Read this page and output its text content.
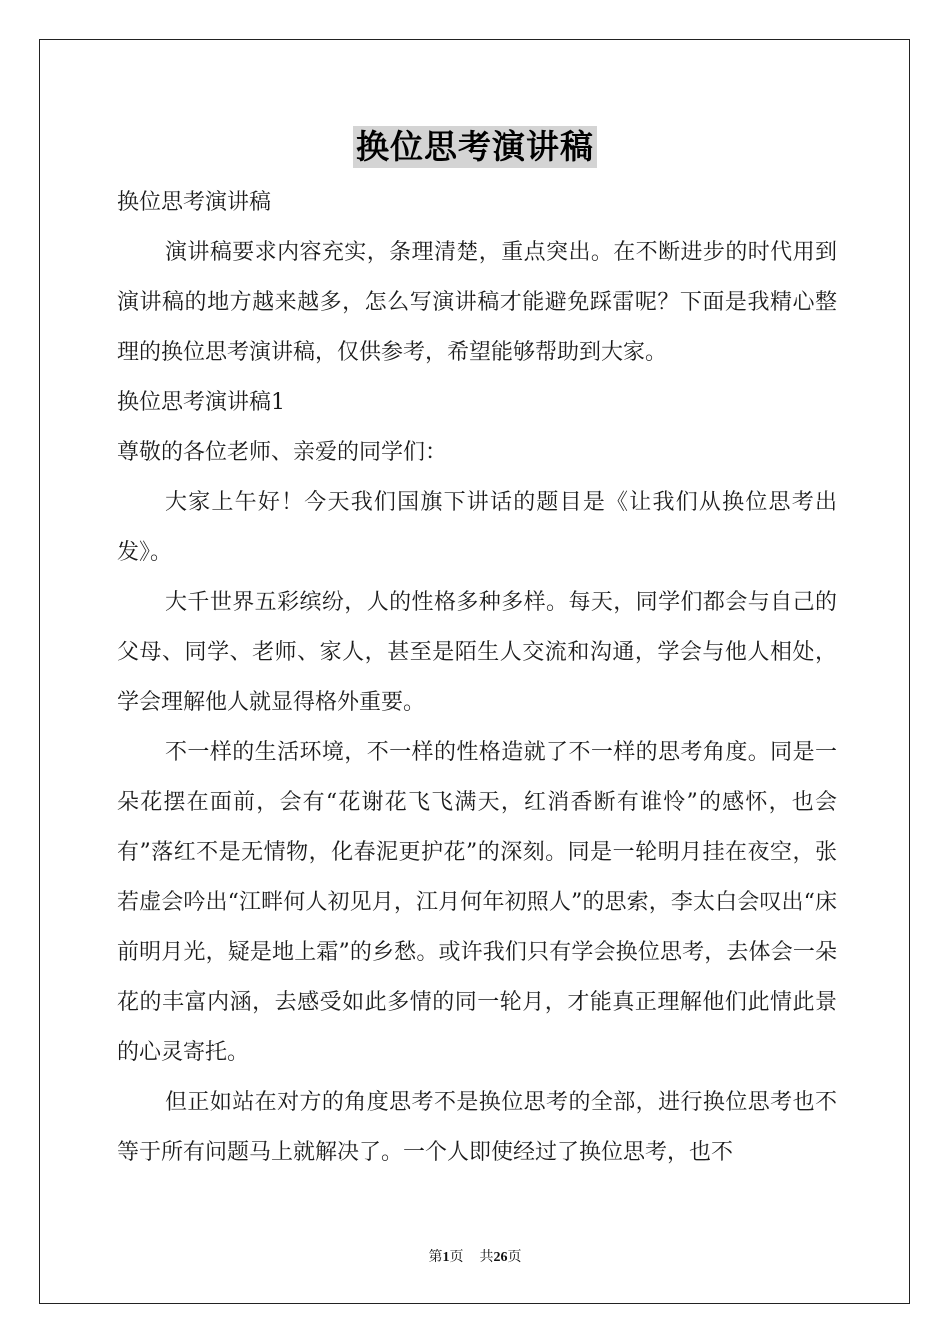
换位思考演讲稿

换位思考演讲稿

演讲稿要求内容充实，条理清楚，重点突出。在不断进步的时代用到演讲稿的地方越来越多，怎么写演讲稿才能避免踩雷呢？下面是我精心整理的换位思考演讲稿，仅供参考，希望能够帮助到大家。

换位思考演讲稿1

尊敬的各位老师、亲爱的同学们：

大家上午好！今天我们国旗下讲话的题目是《让我们从换位思考出发》。

大千世界五彩缤纷，人的性格多种多样。每天，同学们都会与自己的父母、同学、老师、家人，甚至是陌生人交流和沟通，学会与他人相处，学会理解他人就显得格外重要。

不一样的生活环境，不一样的性格造就了不一样的思考角度。同是一朵花摆在面前，会有“花谢花飞飞满天，红消香断有谁怜”的感怀，也会有”落红不是无情物，化春泥更护花”的深刻。同是一轮明月挂在夜空，张若虚会吟出“江畔何人初见月，江月何年初照人”的思索，李太白会叹出“床前明月光，疑是地上霜”的乡愁。或许我们只有学会换位思考，去体会一朵花的丰富内涵，去感受如此多情的同一轮月，才能真正理解他们此情此景的心灵寄托。

但正如站在对方的角度思考不是换位思考的全部，进行换位思考也不等于所有问题马上就解决了。一个人即使经过了换位思考，也不

第1页 共26页
